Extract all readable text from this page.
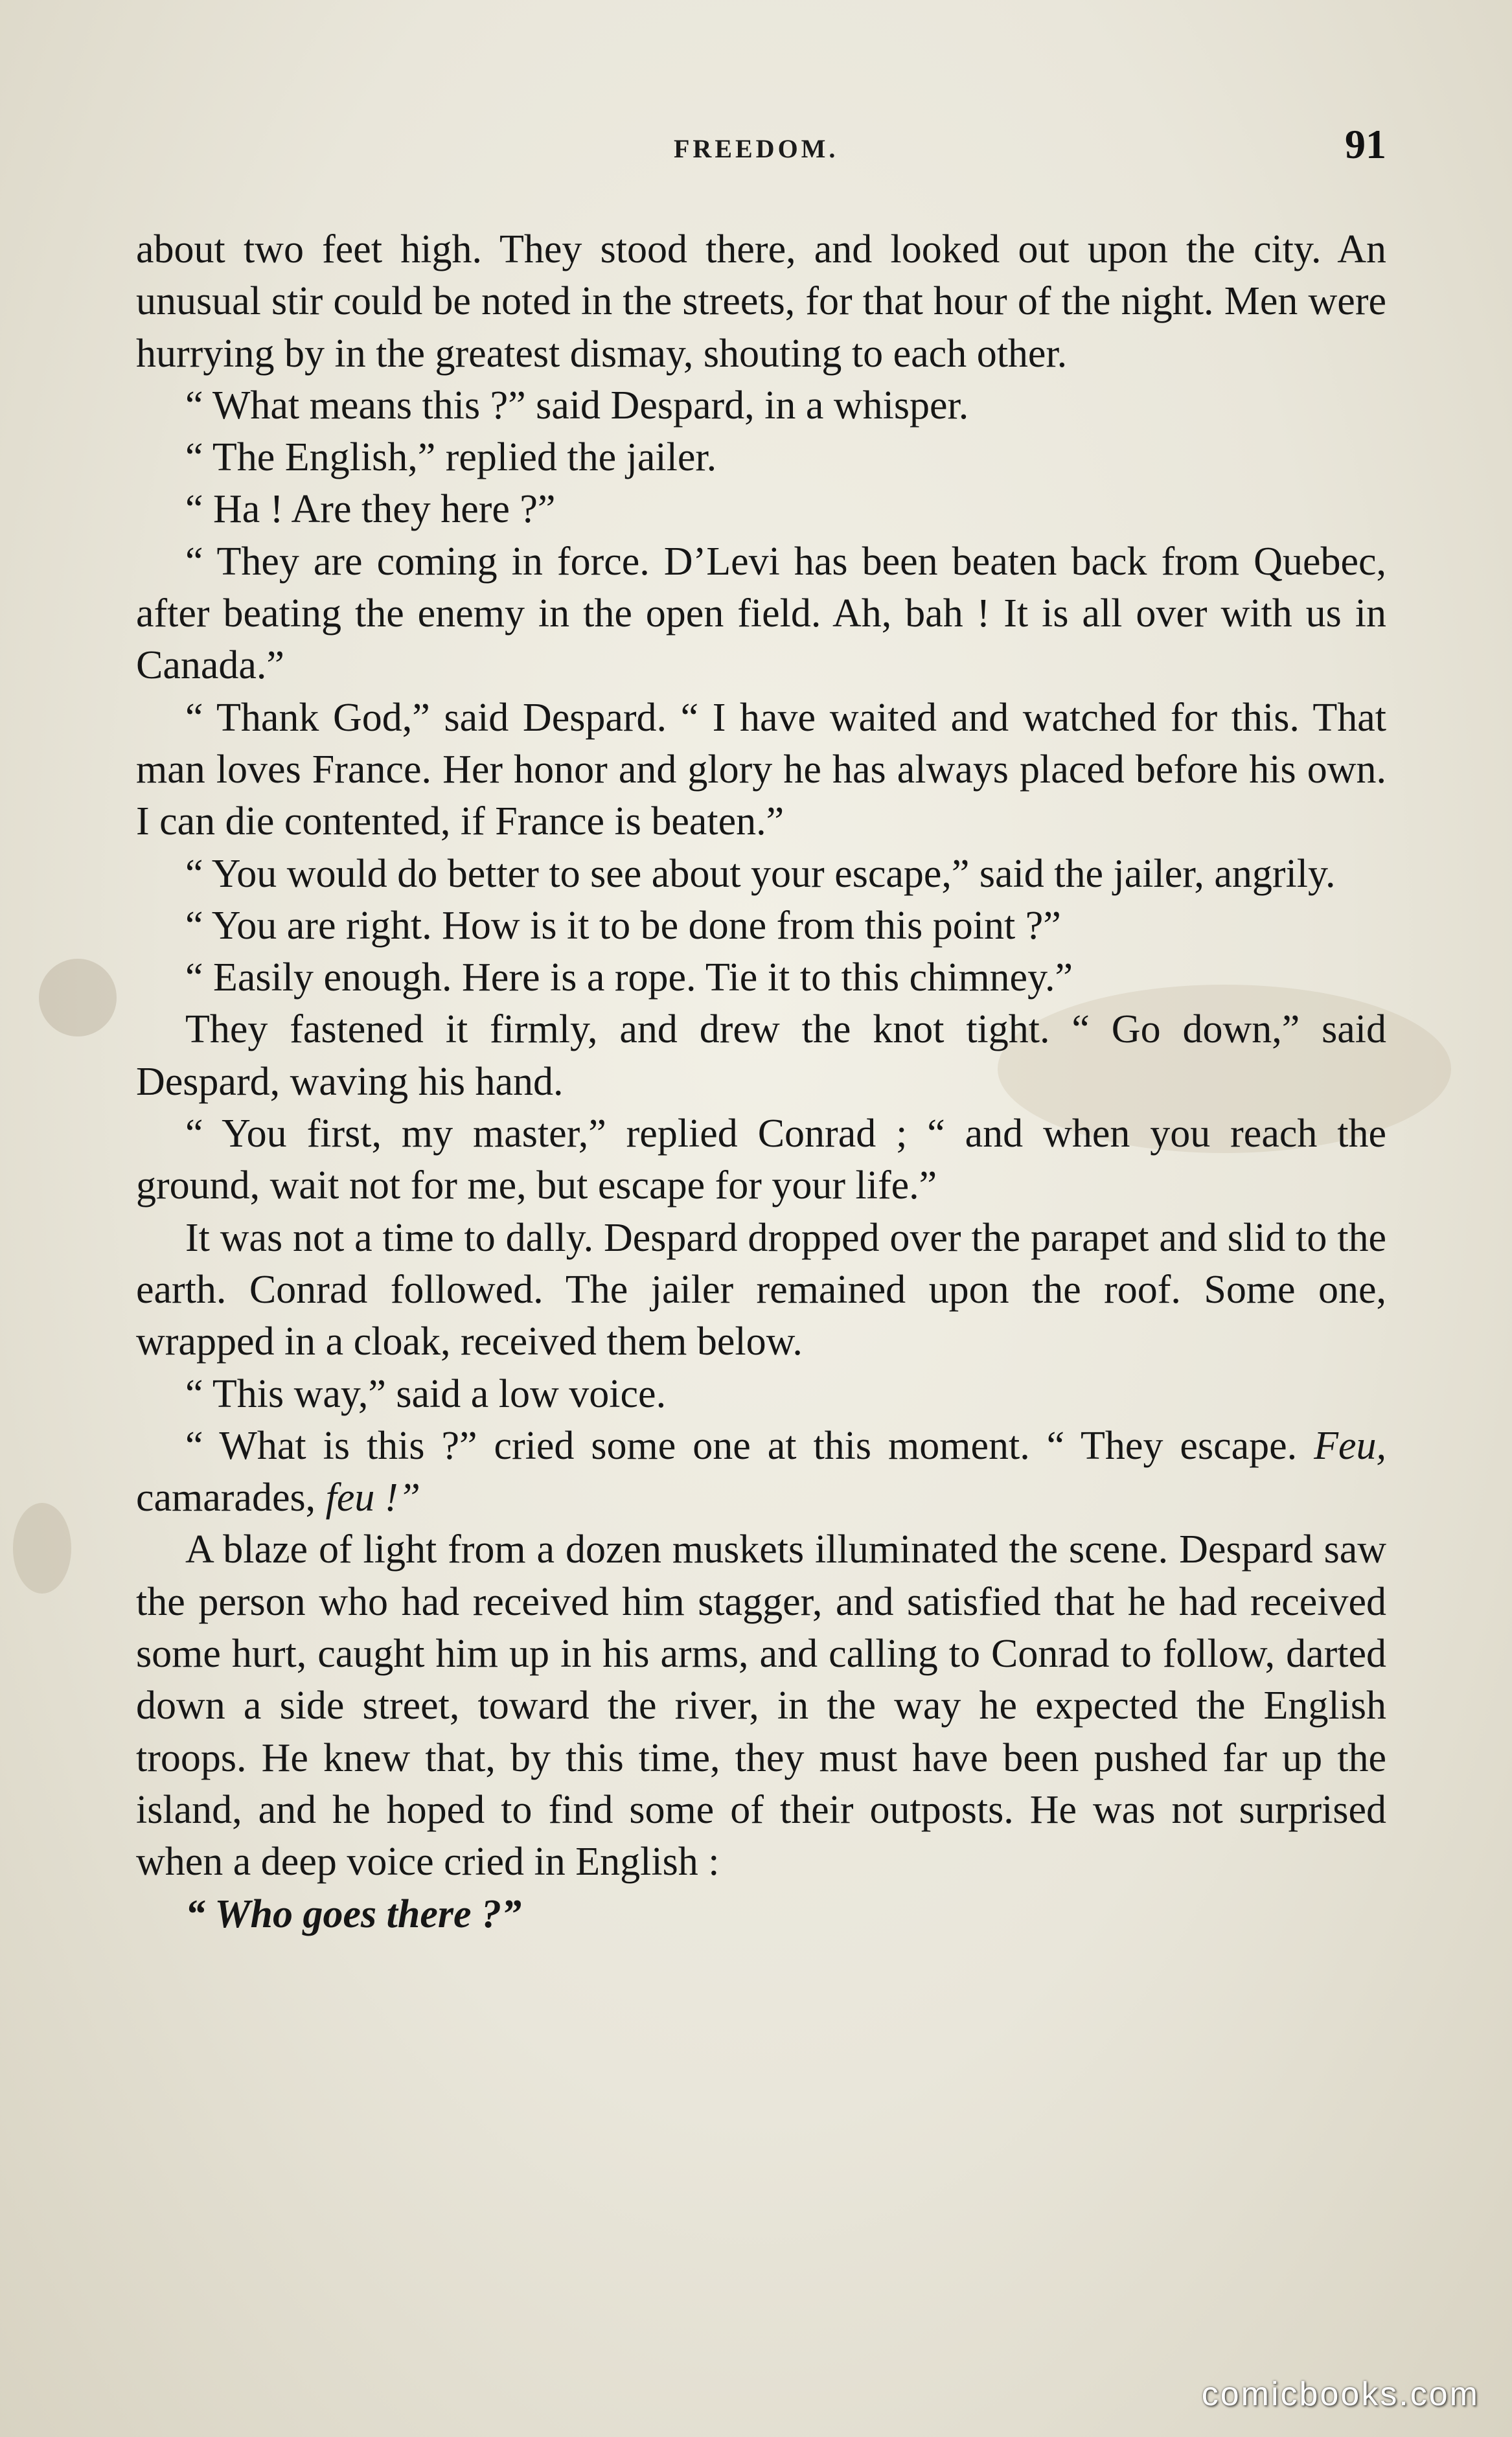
FREEDOM.	91

about two feet high. They stood there, and looked out upon the city. An unusual stir could be noted in the streets, for that hour of the night. Men were hurrying by in the greatest dismay, shouting to each other.

“ What means this ?” said Despard, in a whisper.

“ The English,” replied the jailer.

“ Ha ! Are they here ?”

“ They are coming in force. D’Levi has been beaten back from Quebec, after beating the enemy in the open field. Ah, bah ! It is all over with us in Canada.”

“ Thank God,” said Despard. “ I have waited and watched for this. That man loves France. Her honor and glory he has always placed before his own. I can die contented, if France is beaten.”

“ You would do better to see about your escape,” said the jailer, angrily.

“ You are right. How is it to be done from this point ?”

“ Easily enough. Here is a rope. Tie it to this chimney.”

They fastened it firmly, and drew the knot tight. “ Go down,” said Despard, waving his hand.

“ You first, my master,” replied Conrad ; “ and when you reach the ground, wait not for me, but escape for your life.”

It was not a time to dally. Despard dropped over the parapet and slid to the earth. Conrad followed. The jailer remained upon the roof. Some one, wrapped in a cloak, received them below.

“ This way,” said a low voice.

“ What is this ?” cried some one at this moment. “ They escape. Feu, camarades, feu !”

A blaze of light from a dozen muskets illuminated the scene. Despard saw the person who had received him stagger, and satisfied that he had received some hurt, caught him up in his arms, and calling to Conrad to follow, darted down a side street, toward the river, in the way he expected the English troops. He knew that, by this time, they must have been pushed far up the island, and he hoped to find some of their outposts. He was not surprised when a deep voice cried in English :

“ Who goes there ?”

comicbooks.com
